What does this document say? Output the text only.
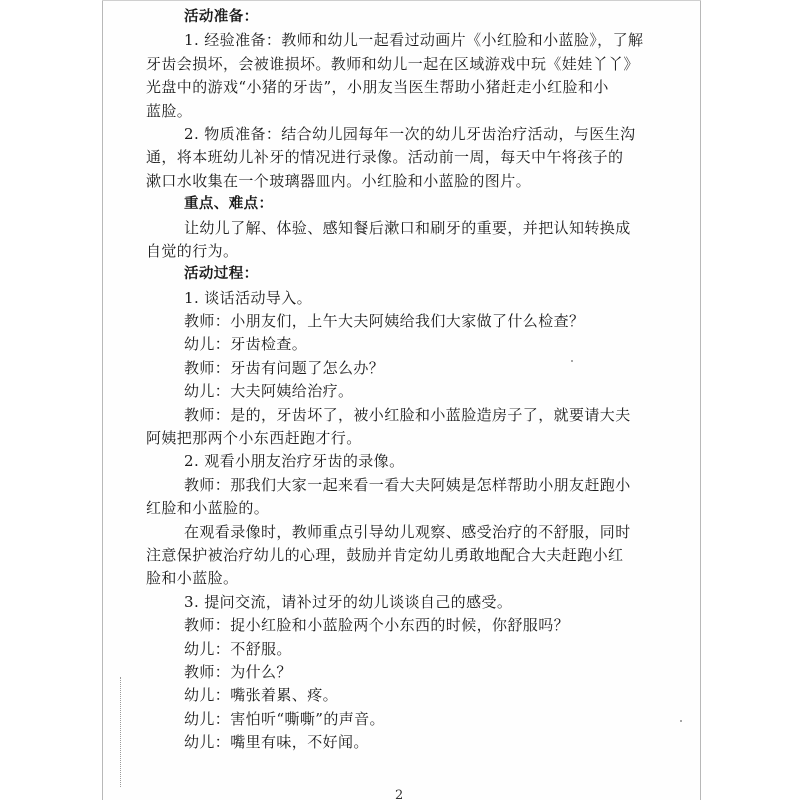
活动准备：
1. 经验准备：教师和幼儿一起看过动画片《小红脸和小蓝脸》，了解
牙齿会损坏，会被谁损坏。教师和幼儿一起在区域游戏中玩《娃娃丫丫》
光盘中的游戏“小猪的牙齿”，小朋友当医生帮助小猪赶走小红脸和小
蓝脸。
2. 物质准备：结合幼儿园每年一次的幼儿牙齿治疗活动，与医生沟
通，将本班幼儿补牙的情况进行录像。活动前一周，每天中午将孩子的
漱口水收集在一个玻璃器皿内。小红脸和小蓝脸的图片。
重点、难点：
让幼儿了解、体验、感知餐后漱口和刷牙的重要，并把认知转换成
自觉的行为。
活动过程：
1. 谈话活动导入。
教师：小朋友们，上午大夫阿姨给我们大家做了什么检查？
幼儿：牙齿检查。
教师：牙齿有问题了怎么办？
幼儿：大夫阿姨给治疗。
教师：是的，牙齿坏了，被小红脸和小蓝脸造房子了，就要请大夫
阿姨把那两个小东西赶跑才行。
2. 观看小朋友治疗牙齿的录像。
教师：那我们大家一起来看一看大夫阿姨是怎样帮助小朋友赶跑小
红脸和小蓝脸的。
在观看录像时，教师重点引导幼儿观察、感受治疗的不舒服，同时
注意保护被治疗幼儿的心理，鼓励并肯定幼儿勇敢地配合大夫赶跑小红
脸和小蓝脸。
3. 提问交流，请补过牙的幼儿谈谈自己的感受。
教师：捉小红脸和小蓝脸两个小东西的时候，你舒服吗？
幼儿：不舒服。
教师：为什么？
幼儿：嘴张着累、疼。
幼儿：害怕听“嘶嘶”的声音。
幼儿：嘴里有味，不好闻。
2
